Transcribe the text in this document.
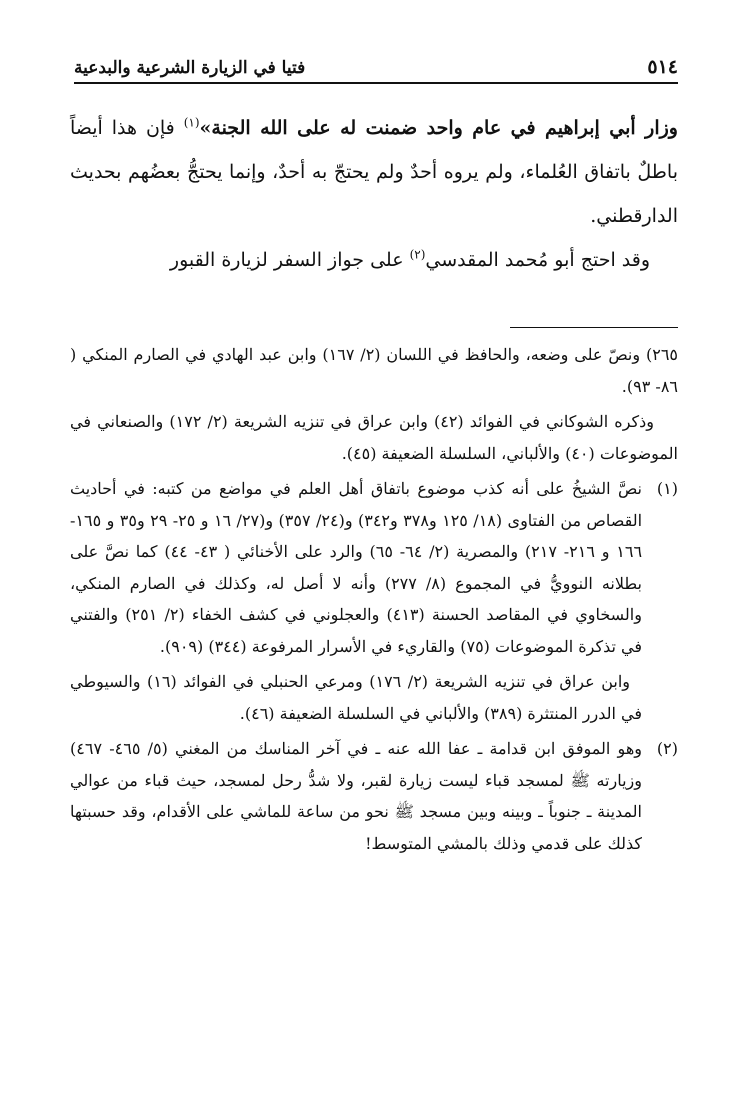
٥١٤
فتيا في الزيارة الشرعية والبدعية

وزار أبي إبراهيم في عام واحد ضمنت له على الله الجنة»$^{(١)}$ فإن هذا أيضاً باطلٌ باتفاق العُلماء، ولم يروه أحدٌ ولم يحتجّ به أحدٌ، وإنما يحتجُّ بعضُهم بحديث الدارقطني.

وقد احتج أبو مُحمد المقدسي$^{(٢)}$ على جواز السفر لزيارة القبور

٢٦٥) ونصّ على وضعه، والحافظ في اللسان (٢/ ١٦٧) وابن عبد الهادي في الصارم المنكي ( ٨٦- ٩٣).

وذكره الشوكاني في الفوائد (٤٢) وابن عراق في تنزيه الشريعة (٢/ ١٧٢) والصنعاني في الموضوعات (٤٠) والألباني، السلسلة الضعيفة (٤٥).

(١)

نصَّ الشيخُ على أنه كذب موضوع باتفاق أهل العلم في مواضع من كتبه: في أحاديث القصاص من الفتاوى (١٨/ ١٢٥ و٣٧٨ و٣٤٢) و(٢٤/ ٣٥٧) و(٢٧/ ١٦ و ٢٥- ٢٩ و٣٥ و ١٦٥- ١٦٦ و ٢١٦- ٢١٧) والمصرية (٢/ ٦٤- ٦٥) والرد على الأخنائي ( ٤٣- ٤٤) كما نصَّ على بطلانه النوويُّ في المجموع (٨/ ٢٧٧) وأنه لا أصل له، وكذلك في الصارم المنكي، والسخاوي في المقاصد الحسنة (٤١٣) والعجلوني في كشف الخفاء (٢/ ٢٥١) والفتني في تذكرة الموضوعات (٧٥) والقاريء في الأسرار المرفوعة (٣٤٤) (٩٠٩).

وابن عراق في تنزيه الشريعة (٢/ ١٧٦) ومرعي الحنبلي في الفوائد (١٦) والسيوطي في الدرر المنتثرة (٣٨٩) والألباني في السلسلة الضعيفة (٤٦).

(٢)

وهو الموفق ابن قدامة ـ عفا الله عنه ـ في آخر المناسك من المغني (٥/ ٤٦٥- ٤٦٧) وزيارته ﷺ لمسجد قباء ليست زيارة لقبر، ولا شدُّ رحل لمسجد، حيث قباء من عوالي المدينة ـ جنوباً ـ وبينه وبين مسجد ﷺ نحو من ساعة للماشي على الأقدام، وقد حسبتها كذلك على قدمي وذلك بالمشي المتوسط!
